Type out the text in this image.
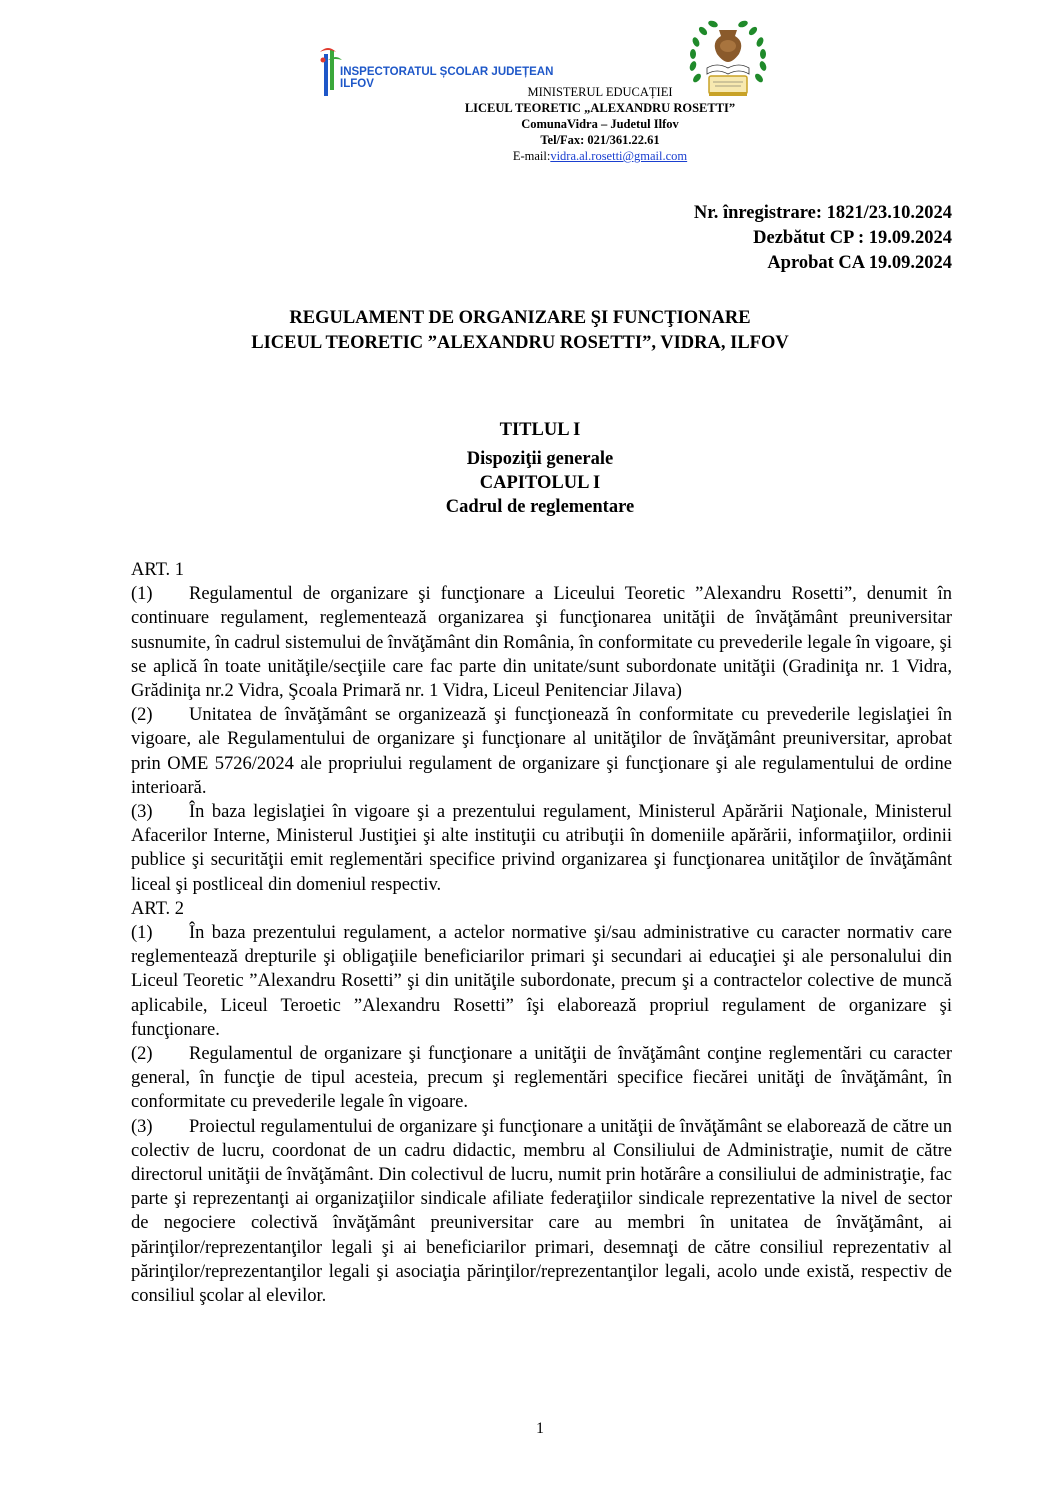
INSPECTORATUL ȘCOLAR JUDEȚEAN
ILFOV
MINISTERUL EDUCAȚIEI
LICEUL TEORETIC „ALEXANDRU ROSETTI”
ComunaVidra – Judetul Ilfov
Tel/Fax: 021/361.22.61
E-mail:vidra.al.rosetti@gmail.com
Nr. înregistrare: 1821/23.10.2024
Dezbătut CP : 19.09.2024
Aprobat CA 19.09.2024
REGULAMENT DE ORGANIZARE ŞI FUNCŢIONARE
LICEUL TEORETIC ”ALEXANDRU ROSETTI”, VIDRA, ILFOV
TITLUL I
Dispoziţii generale
CAPITOLUL I
Cadrul de reglementare
ART. 1

(1) Regulamentul de organizare şi funcţionare a Liceului Teoretic ”Alexandru Rosetti”, denumit în continuare regulament, reglementează organizarea şi funcţionarea unităţii de învăţământ preuniversitar susnumite, în cadrul sistemului de învăţământ din România, în conformitate cu prevederile legale în vigoare, şi se aplică în toate unităţile/secţiile care fac parte din unitate/sunt subordonate unităţii (Gradiniţa nr. 1 Vidra, Grădiniţa nr.2 Vidra, Şcoala Primară nr. 1 Vidra, Liceul Penitenciar Jilava)

(2) Unitatea de învăţământ se organizează şi funcţionează în conformitate cu prevederile legislaţiei în vigoare, ale Regulamentului de organizare şi funcţionare al unităţilor de învăţământ preuniversitar, aprobat prin OME 5726/2024 ale propriului regulament de organizare şi funcţionare şi ale regulamentului de ordine interioară.

(3) În baza legislaţiei în vigoare şi a prezentului regulament, Ministerul Apărării Naţionale, Ministerul Afacerilor Interne, Ministerul Justiţiei şi alte instituţii cu atribuţii în domeniile apărării, informaţiilor, ordinii publice şi securităţii emit reglementări specifice privind organizarea şi funcţionarea unităţilor de învăţământ liceal şi postliceal din domeniul respectiv.

ART. 2

(1) În baza prezentului regulament, a actelor normative şi/sau administrative cu caracter normativ care reglementează drepturile şi obligaţiile beneficiarilor primari şi secundari ai educaţiei şi ale personalului din Liceul Teoretic ”Alexandru Rosetti” şi din unităţile subordonate, precum şi a contractelor colective de muncă aplicabile, Liceul Teroetic ”Alexandru Rosetti” îşi elaborează propriul regulament de organizare şi funcţionare.

(2) Regulamentul de organizare şi funcţionare a unităţii de învăţământ conţine reglementări cu caracter general, în funcţie de tipul acesteia, precum şi reglementări specifice fiecărei unităţi de învăţământ, în conformitate cu prevederile legale în vigoare.

(3) Proiectul regulamentului de organizare şi funcţionare a unităţii de învăţământ se elaborează de către un colectiv de lucru, coordonat de un cadru didactic, membru al Consiliului de Administraţie, numit de către directorul unităţii de învăţământ. Din colectivul de lucru, numit prin hotărâre a consiliului de administraţie, fac parte şi reprezentanţi ai organizaţiilor sindicale afiliate federaţiilor sindicale reprezentative la nivel de sector de negociere colectivă învăţământ preuniversitar care au membri în unitatea de învăţământ, ai părinţilor/reprezentanţilor legali şi ai beneficiarilor primari, desemnaţi de către consiliul reprezentativ al părinţilor/reprezentanţilor legali şi asociaţia părinţilor/reprezentanţilor legali, acolo unde există, respectiv de consiliul şcolar al elevilor.

1
